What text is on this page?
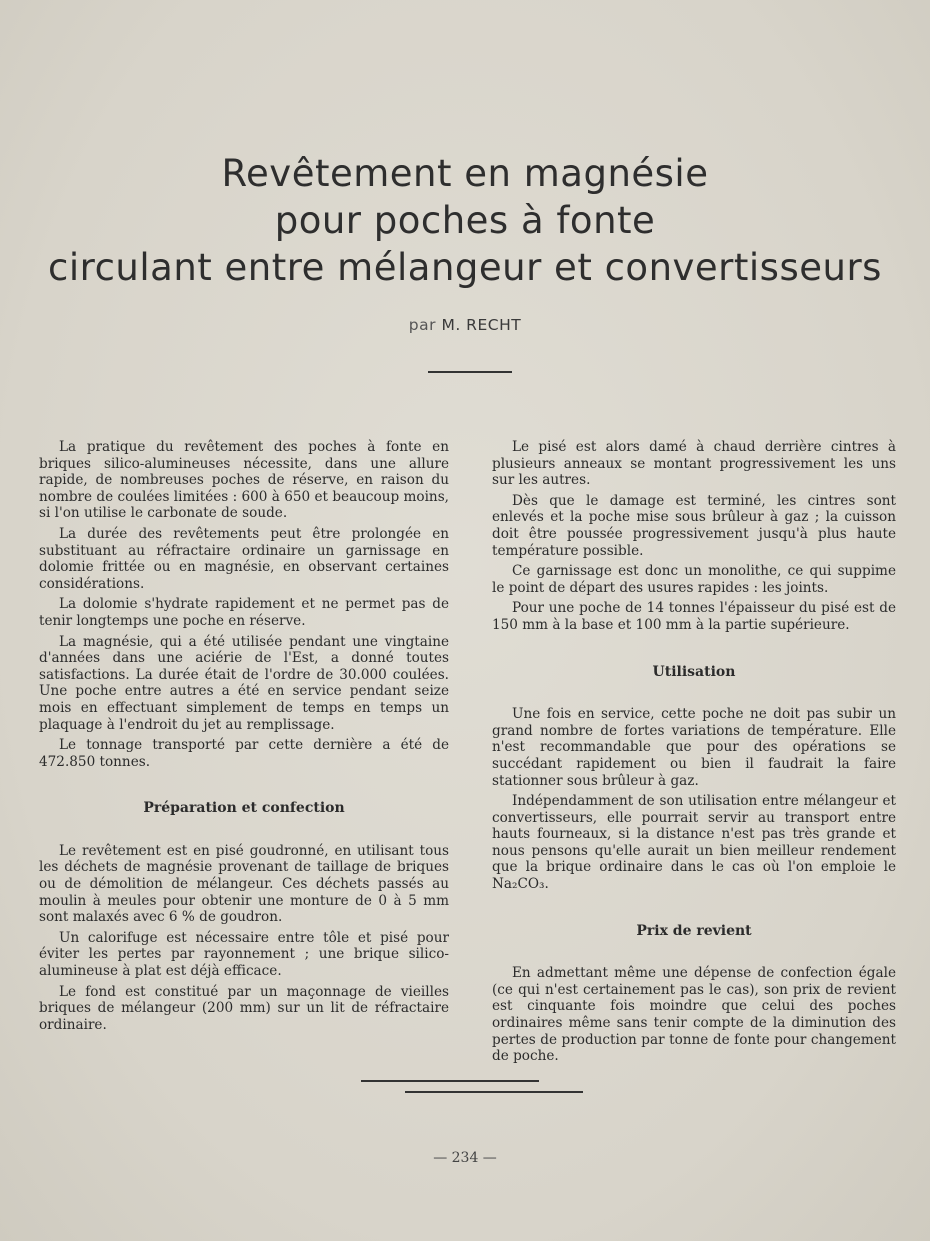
Revêtement en magnésie
pour poches à fonte
circulant entre mélangeur et convertisseurs
par M. RECHT

La pratique du revêtement des poches à fonte en briques silico-alumineuses nécessite, dans une allure rapide, de nombreuses poches de réserve, en raison du nombre de coulées limitées : 600 à 650 et beaucoup moins, si l'on utilise le carbonate de soude.

La durée des revêtements peut être prolongée en substituant au réfractaire ordinaire un garnissage en dolomie frittée ou en magnésie, en observant certaines considérations.

La dolomie s'hydrate rapidement et ne permet pas de tenir longtemps une poche en réserve.

La magnésie, qui a été utilisée pendant une vingtaine d'années dans une aciérie de l'Est, a donné toutes satisfactions. La durée était de l'ordre de 30.000 coulées. Une poche entre autres a été en service pendant seize mois en effectuant simplement de temps en temps un plaquage à l'endroit du jet au remplissage.

Le tonnage transporté par cette dernière a été de 472.850 tonnes.

Préparation et confection

Le revêtement est en pisé goudronné, en utilisant tous les déchets de magnésie provenant de taillage de briques ou de démolition de mélangeur. Ces déchets passés au moulin à meules pour obtenir une monture de 0 à 5 mm sont malaxés avec 6 % de goudron.

Un calorifuge est nécessaire entre tôle et pisé pour éviter les pertes par rayonnement ; une brique silico-alumineuse à plat est déjà efficace.

Le fond est constitué par un maçonnage de vieilles briques de mélangeur (200 mm) sur un lit de réfractaire ordinaire.

Le pisé est alors damé à chaud derrière cintres à plusieurs anneaux se montant progressivement les uns sur les autres.

Dès que le damage est terminé, les cintres sont enlevés et la poche mise sous brûleur à gaz ; la cuisson doit être poussée progressivement jusqu'à plus haute température possible.

Ce garnissage est donc un monolithe, ce qui suppime le point de départ des usures rapides : les joints.

Pour une poche de 14 tonnes l'épaisseur du pisé est de 150 mm à la base et 100 mm à la partie supérieure.

Utilisation

Une fois en service, cette poche ne doit pas subir un grand nombre de fortes variations de température. Elle n'est recommandable que pour des opérations se succédant rapidement ou bien il faudrait la faire stationner sous brûleur à gaz.

Indépendamment de son utilisation entre mélangeur et convertisseurs, elle pourrait servir au transport entre hauts fourneaux, si la distance n'est pas très grande et nous pensons qu'elle aurait un bien meilleur rendement que la brique ordinaire dans le cas où l'on emploie le Na₂CO₃.

Prix de revient

En admettant même une dépense de confection égale (ce qui n'est certainement pas le cas), son prix de revient est cinquante fois moindre que celui des poches ordinaires même sans tenir compte de la diminution des pertes de production par tonne de fonte pour changement de poche.

— 234 —
